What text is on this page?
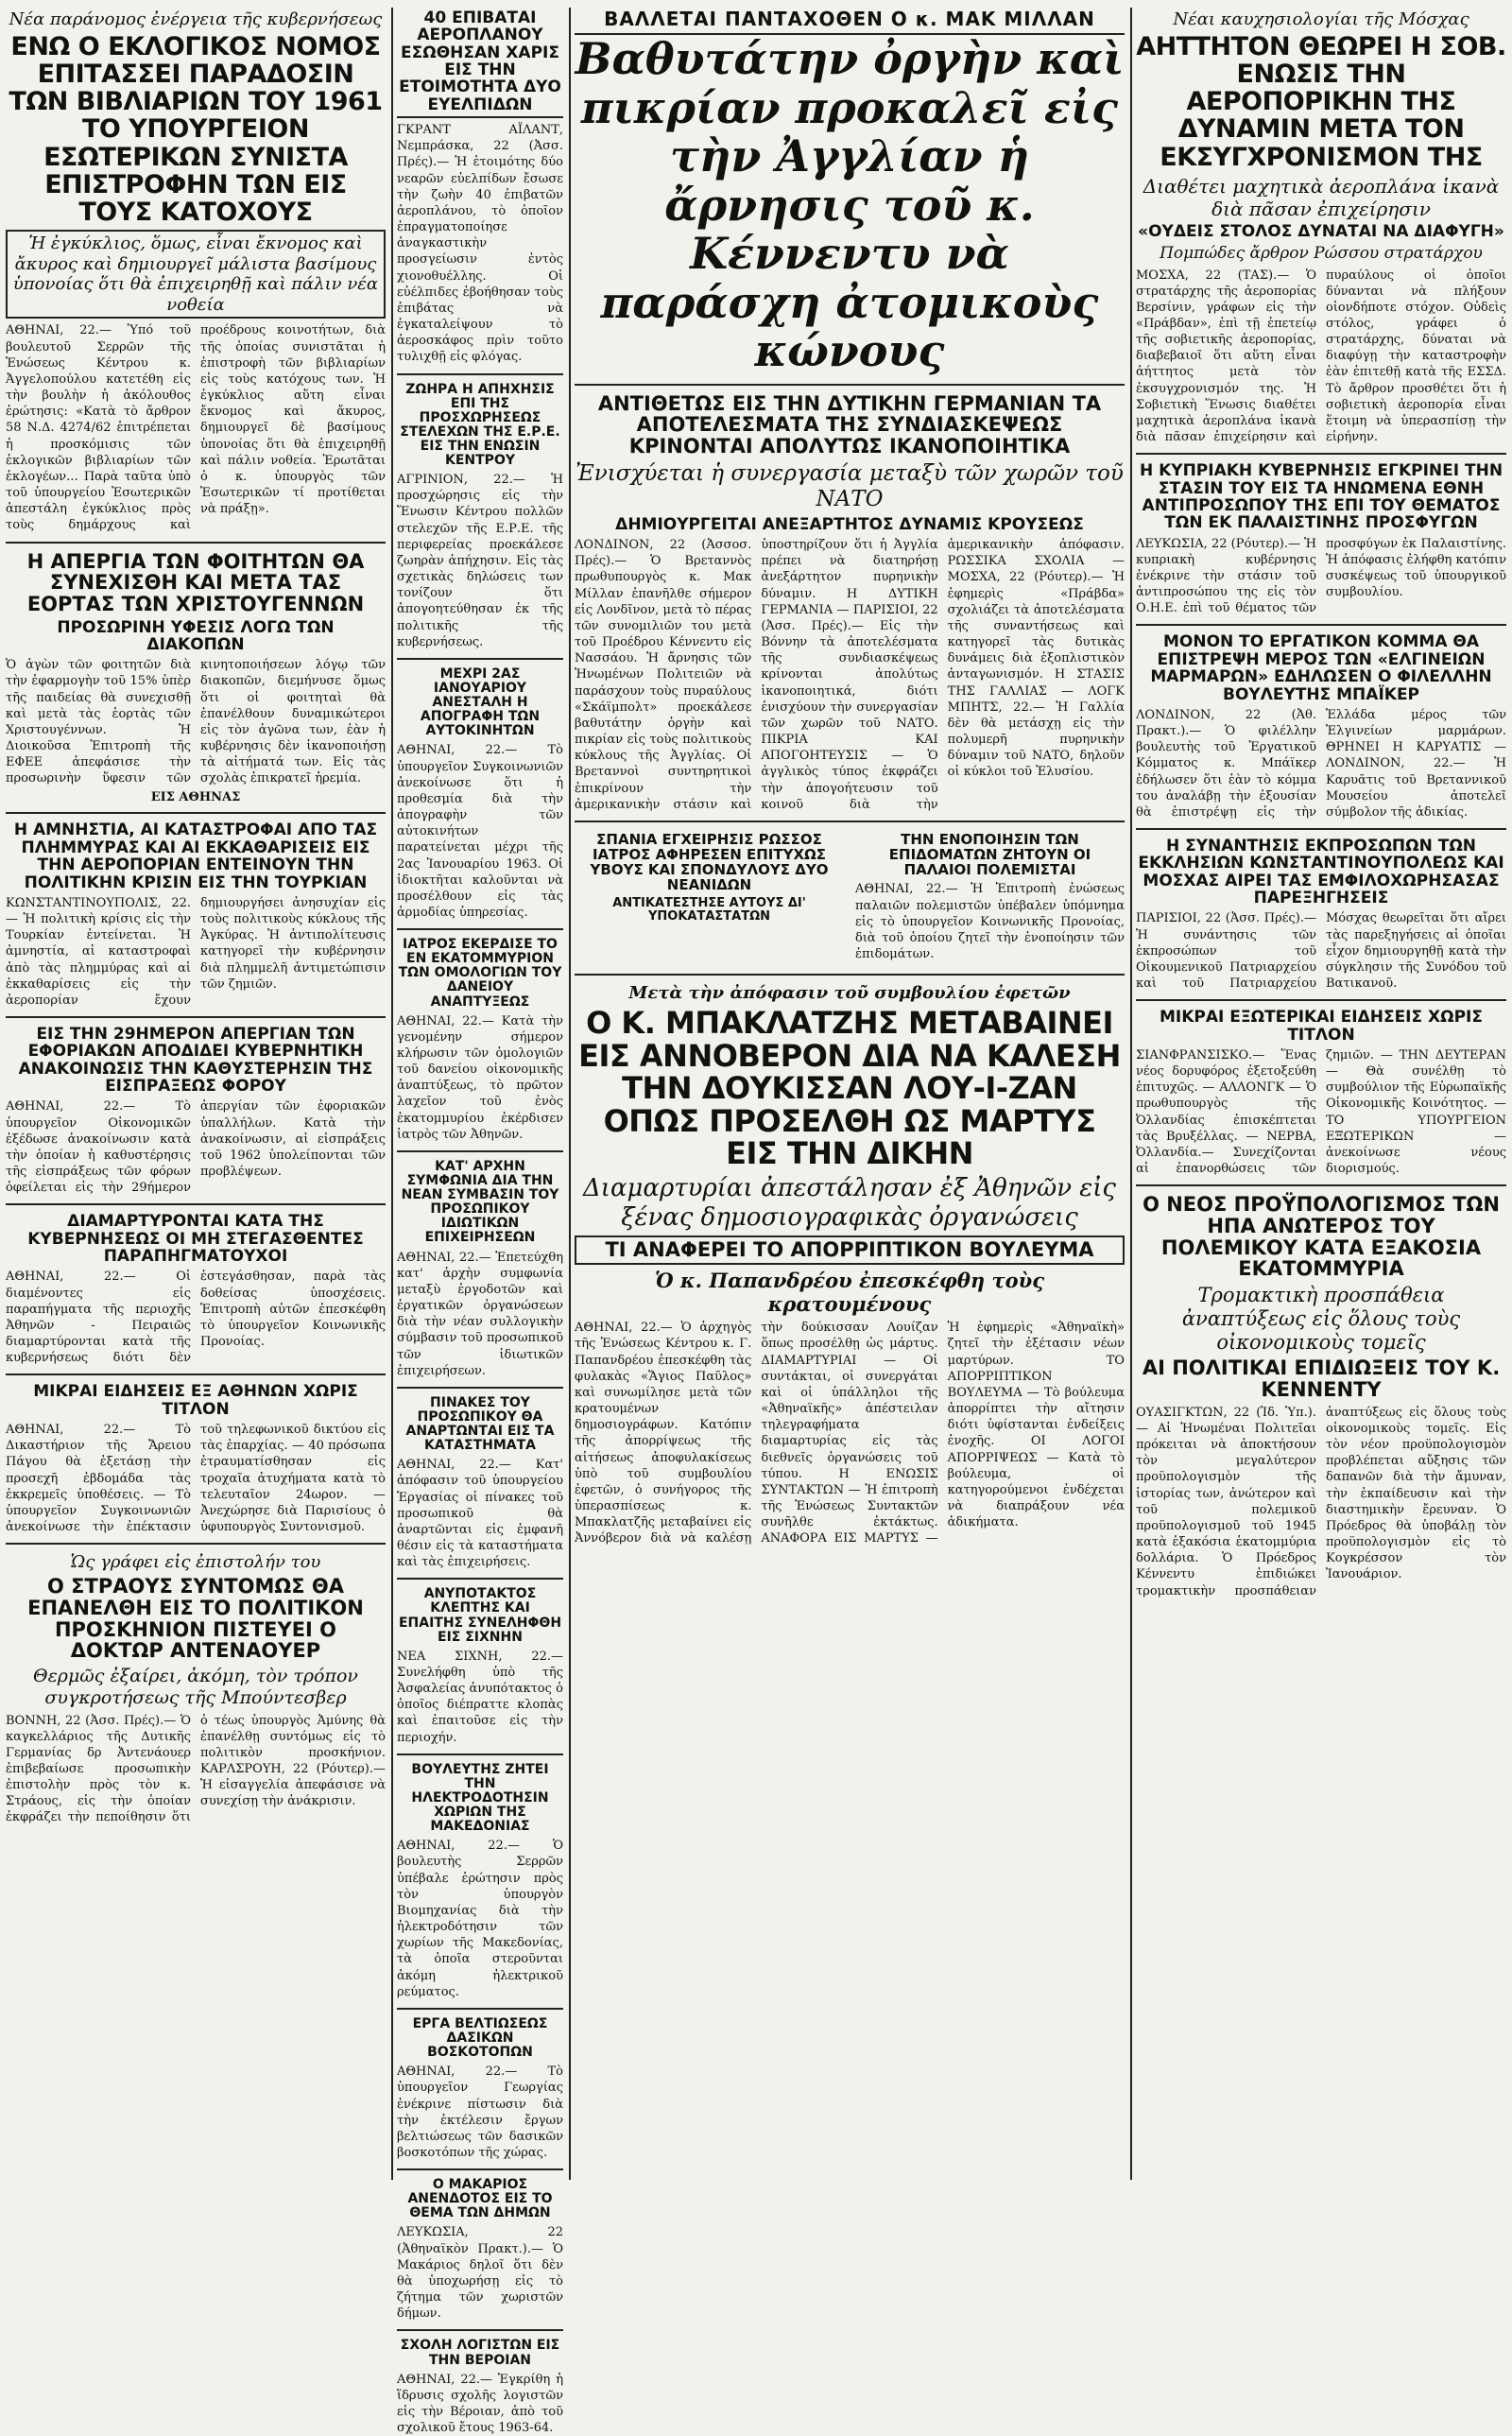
Νέα παράνομος ἐνέργεια τῆς κυβερνήσεως
ΕΝΩ Ο ΕΚΛΟΓΙΚΟΣ ΝΟΜΟΣ ΕΠΙΤΑΣΣΕΙ ΠΑΡΑΔΟΣΙΝ ΤΩΝ ΒΙΒΛΙΑΡΙΩΝ ΤΟΥ 1961 ΤΟ ΥΠΟΥΡΓΕΙΟΝ ΕΣΩΤΕΡΙΚΩΝ ΣΥΝΙΣΤΑ ΕΠΙΣΤΡΟΦΗΝ ΤΩΝ ΕΙΣ ΤΟΥΣ ΚΑΤΟΧΟΥΣ
Ἡ ἐγκύκλιος, ὅμως, εἶναι ἔκνομος καὶ ἄκυρος καὶ δημιουργεῖ μάλιστα βασίμους ὑπονοίας ὅτι θὰ ἐπιχειρηθῇ καὶ πάλιν νέα νοθεία
ΑΘΗΝΑΙ, 22.— Ὑπό τοῦ βουλευτοῦ Σερρῶν τῆς Ἑνώσεως Κέντρου κ. Ἀγγελοπούλου κατετέθη εἰς τὴν βουλὴν ἡ ἀκόλουθος ἐρώτησις: «Κατὰ τὸ ἄρθρον 58 Ν.Δ. 4274/62 ἐπιτρέπεται ἡ προσκόμισις τῶν ἐκλογικῶν βιβλιαρίων τῶν ἐκλογέων... Παρὰ ταῦτα ὑπὸ τοῦ ὑπουργείου Ἐσωτερικῶν ἀπεστάλη ἐγκύκλιος πρὸς τοὺς δημάρχους καὶ προέδρους κοινοτήτων, διὰ τῆς ὁποίας συνιστᾶται ἡ ἐπιστροφὴ τῶν βιβλιαρίων εἰς τοὺς κατόχους των. Ἡ ἐγκύκλιος αὕτη εἶναι ἔκνομος καὶ ἄκυρος, δημιουργεῖ δὲ βασίμους ὑπονοίας ὅτι θὰ ἐπιχειρηθῇ καὶ πάλιν νοθεία. Ἐρωτᾶται ὁ κ. ὑπουργὸς τῶν Ἐσωτερικῶν τί προτίθεται νὰ πράξῃ».
Η ΑΠΕΡΓΙΑ ΤΩΝ ΦΟΙΤΗΤΩΝ ΘΑ ΣΥΝΕΧΙΣΘΗ ΚΑΙ ΜΕΤΑ ΤΑΣ ΕΟΡΤΑΣ ΤΩΝ ΧΡΙΣΤΟΥΓΕΝΝΩΝ
ΠΡΟΣΩΡΙΝΗ ΥΦΕΣΙΣ ΛΟΓΩ ΤΩΝ ΔΙΑΚΟΠΩΝ
Ὁ ἀγὼν τῶν φοιτητῶν διὰ τὴν ἐφαρμογὴν τοῦ 15% ὑπὲρ τῆς παιδείας θὰ συνεχισθῇ καὶ μετὰ τὰς ἑορτὰς τῶν Χριστουγέννων. Ἡ Διοικοῦσα Ἐπιτροπὴ τῆς ΕΦΕΕ ἀπεφάσισε τὴν προσωρινὴν ὕφεσιν τῶν κινητοποιήσεων λόγῳ τῶν διακοπῶν, διεμήνυσε ὅμως ὅτι οἱ φοιτηταὶ θὰ ἐπανέλθουν δυναμικώτεροι εἰς τὸν ἀγῶνα των, ἐὰν ἡ κυβέρνησις δὲν ἱκανοποιήσῃ τὰ αἰτήματά των. Εἰς τὰς σχολὰς ἐπικρατεῖ ἡρεμία.
ΕΙΣ ΑΘΗΝΑΣ
Η ΑΜΝΗΣΤΙΑ, ΑΙ ΚΑΤΑΣΤΡΟΦΑΙ ΑΠΟ ΤΑΣ ΠΛΗΜΜΥΡΑΣ ΚΑΙ ΑΙ ΕΚΚΑΘΑΡΙΣΕΙΣ ΕΙΣ ΤΗΝ ΑΕΡΟΠΟΡΙΑΝ ΕΝΤΕΙΝΟΥΝ ΤΗΝ ΠΟΛΙΤΙΚΗΝ ΚΡΙΣΙΝ ΕΙΣ ΤΗΝ ΤΟΥΡΚΙΑΝ
ΚΩΝΣΤΑΝΤΙΝΟΥΠΟΛΙΣ, 22.— Ἡ πολιτικὴ κρίσις εἰς τὴν Τουρκίαν ἐντείνεται. Ἡ ἀμνηστία, αἱ καταστροφαὶ ἀπὸ τὰς πλημμύρας καὶ αἱ ἐκκαθαρίσεις εἰς τὴν ἀεροπορίαν ἔχουν δημιουργήσει ἀνησυχίαν εἰς τοὺς πολιτικοὺς κύκλους τῆς Ἀγκύρας. Ἡ ἀντιπολίτευσις κατηγορεῖ τὴν κυβέρνησιν διὰ πλημμελῆ ἀντιμετώπισιν τῶν ζημιῶν.
ΕΙΣ ΤΗΝ 29ΗΜΕΡΟΝ ΑΠΕΡΓΙΑΝ ΤΩΝ ΕΦΟΡΙΑΚΩΝ ΑΠΟΔΙΔΕΙ ΚΥΒΕΡΝΗΤΙΚΗ ΑΝΑΚΟΙΝΩΣΙΣ ΤΗΝ ΚΑΘΥΣΤΕΡΗΣΙΝ ΤΗΣ ΕΙΣΠΡΑΞΕΩΣ ΦΟΡΟΥ
ΑΘΗΝΑΙ, 22.— Τὸ ὑπουργεῖον Οἰκονομικῶν ἐξέδωσε ἀνακοίνωσιν κατὰ τὴν ὁποίαν ἡ καθυστέρησις τῆς εἰσπράξεως τῶν φόρων ὀφείλεται εἰς τὴν 29ήμερον ἀπεργίαν τῶν ἐφοριακῶν ὑπαλλήλων. Κατὰ τὴν ἀνακοίνωσιν, αἱ εἰσπράξεις τοῦ 1962 ὑπολείπονται τῶν προβλέψεων.
ΔΙΑΜΑΡΤΥΡΟΝΤΑΙ ΚΑΤΑ ΤΗΣ ΚΥΒΕΡΝΗΣΕΩΣ ΟΙ ΜΗ ΣΤΕΓΑΣΘΕΝΤΕΣ ΠΑΡΑΠΗΓΜΑΤΟΥΧΟΙ
ΑΘΗΝΑΙ, 22.— Οἱ διαμένοντες εἰς παραπήγματα τῆς περιοχῆς Ἀθηνῶν - Πειραιῶς διαμαρτύρονται κατὰ τῆς κυβερνήσεως διότι δὲν ἐστεγάσθησαν, παρὰ τὰς δοθείσας ὑποσχέσεις. Ἐπιτροπὴ αὐτῶν ἐπεσκέφθη τὸ ὑπουργεῖον Κοινωνικῆς Προνοίας.
ΜΙΚΡΑΙ ΕΙΔΗΣΕΙΣ ΕΞ ΑΘΗΝΩΝ ΧΩΡΙΣ ΤΙΤΛΟΝ
ΑΘΗΝΑΙ, 22.— Τὸ Δικαστήριον τῆς Ἄρειου Πάγου θὰ ἐξετάσῃ τὴν προσεχῆ ἑβδομάδα τὰς ἐκκρεμεῖς ὑποθέσεις. — Τὸ ὑπουργεῖον Συγκοινωνιῶν ἀνεκοίνωσε τὴν ἐπέκτασιν τοῦ τηλεφωνικοῦ δικτύου εἰς τὰς ἐπαρχίας. — 40 πρόσωπα ἐτραυματίσθησαν εἰς τροχαῖα ἀτυχήματα κατὰ τὸ τελευταῖον 24ωρον. — Ἀνεχώρησε διὰ Παρισίους ὁ ὑφυπουργὸς Συντονισμοῦ.
Ὡς γράφει εἰς ἐπιστολήν του
Ο ΣΤΡΑΟΥΣ ΣΥΝΤΟΜΩΣ ΘΑ ΕΠΑΝΕΛΘΗ ΕΙΣ ΤΟ ΠΟΛΙΤΙΚΟΝ ΠΡΟΣΚΗΝΙΟΝ ΠΙΣΤΕΥΕΙ Ο ΔΟΚΤΩΡ ΑΝΤΕΝΑΟΥΕΡ
Θερμῶς ἐξαίρει, ἀκόμη, τὸν τρόπον συγκροτήσεως τῆς Μπούντεσβερ
ΒΟΝΝΗ, 22 (Ἀσσ. Πρές).— Ὁ καγκελλάριος τῆς Δυτικῆς Γερμανίας δρ Ἀντενάουερ ἐπιβεβαίωσε προσωπικὴν ἐπιστολὴν πρὸς τὸν κ. Στράους, εἰς τὴν ὁποίαν ἐκφράζει τὴν πεποίθησιν ὅτι ὁ τέως ὑπουργὸς Ἀμύνης θὰ ἐπανέλθῃ συντόμως εἰς τὸ πολιτικὸν προσκήνιον. ΚΑΡΛΣΡΟΥΗ, 22 (Ρόυτερ).— Ἡ εἰσαγγελία ἀπεφάσισε νὰ συνεχίσῃ τὴν ἀνάκρισιν.
40 ΕΠΙΒΑΤΑΙ ΑΕΡΟΠΛΑΝΟΥ ΕΣΩΘΗΣΑΝ ΧΑΡΙΣ ΕΙΣ ΤΗΝ ΕΤΟΙΜΟΤΗΤΑ ΔΥΟ ΕΥΕΛΠΙΔΩΝ
ΓΚΡΑΝΤ ΑΪΛΑΝΤ, Νεμπράσκα, 22 (Ἀσσ. Πρές).— Ἡ ἑτοιμότης δύο νεαρῶν εὐελπίδων ἔσωσε τὴν ζωὴν 40 ἐπιβατῶν ἀεροπλάνου, τὸ ὁποῖον ἐπραγματοποίησε ἀναγκαστικὴν προσγείωσιν ἐντὸς χιονοθυέλλης. Οἱ εὐέλπιδες ἐβοήθησαν τοὺς ἐπιβάτας νὰ ἐγκαταλείψουν τὸ ἀεροσκάφος πρὶν τοῦτο τυλιχθῇ εἰς φλόγας.
ΖΩΗΡΑ Η ΑΠΗΧΗΣΙΣ ΕΠΙ ΤΗΣ ΠΡΟΣΧΩΡΗΣΕΩΣ ΣΤΕΛΕΧΩΝ ΤΗΣ Ε.Ρ.Ε. ΕΙΣ ΤΗΝ ΕΝΩΣΙΝ ΚΕΝΤΡΟΥ
ΑΓΡΙΝΙΟΝ, 22.— Ἡ προσχώρησις εἰς τὴν Ἕνωσιν Κέντρου πολλῶν στελεχῶν τῆς Ε.Ρ.Ε. τῆς περιφερείας προεκάλεσε ζωηρὰν ἀπήχησιν. Εἰς τὰς σχετικὰς δηλώσεις των τονίζουν ὅτι ἀπογοητεύθησαν ἐκ τῆς πολιτικῆς τῆς κυβερνήσεως.
ΜΕΧΡΙ 2ΑΣ ΙΑΝΟΥΑΡΙΟΥ ΑΝΕΣΤΑΛΗ Η ΑΠΟΓΡΑΦΗ ΤΩΝ ΑΥΤΟΚΙΝΗΤΩΝ
ΑΘΗΝΑΙ, 22.— Τὸ ὑπουργεῖον Συγκοινωνιῶν ἀνεκοίνωσε ὅτι ἡ προθεσμία διὰ τὴν ἀπογραφὴν τῶν αὐτοκινήτων παρατείνεται μέχρι τῆς 2ας Ἰανουαρίου 1963. Οἱ ἰδιοκτῆται καλοῦνται νὰ προσέλθουν εἰς τὰς ἁρμοδίας ὑπηρεσίας.
ΙΑΤΡΟΣ ΕΚΕΡΔΙΣΕ ΤΟ ΕΝ ΕΚΑΤΟΜΜΥΡΙΟΝ ΤΩΝ ΟΜΟΛΟΓΙΩΝ ΤΟΥ ΔΑΝΕΙΟΥ ΑΝΑΠΤΥΞΕΩΣ
ΑΘΗΝΑΙ, 22.— Κατὰ τὴν γενομένην σήμερον κλήρωσιν τῶν ὁμολογιῶν τοῦ δανείου οἰκονομικῆς ἀναπτύξεως, τὸ πρῶτον λαχεῖον τοῦ ἑνὸς ἑκατομμυρίου ἐκέρδισεν ἰατρὸς τῶν Ἀθηνῶν.
ΚΑΤ' ΑΡΧΗΝ ΣΥΜΦΩΝΙΑ ΔΙΑ ΤΗΝ ΝΕΑΝ ΣΥΜΒΑΣΙΝ ΤΟΥ ΠΡΟΣΩΠΙΚΟΥ ΙΔΙΩΤΙΚΩΝ ΕΠΙΧΕΙΡΗΣΕΩΝ
ΑΘΗΝΑΙ, 22.— Ἐπετεύχθη κατ' ἀρχὴν συμφωνία μεταξὺ ἐργοδοτῶν καὶ ἐργατικῶν ὀργανώσεων διὰ τὴν νέαν συλλογικὴν σύμβασιν τοῦ προσωπικοῦ τῶν ἰδιωτικῶν ἐπιχειρήσεων.
ΠΙΝΑΚΕΣ ΤΟΥ ΠΡΟΣΩΠΙΚΟΥ ΘΑ ΑΝΑΡΤΩΝΤΑΙ ΕΙΣ ΤΑ ΚΑΤΑΣΤΗΜΑΤΑ
ΑΘΗΝΑΙ, 22.— Κατ' ἀπόφασιν τοῦ ὑπουργείου Ἐργασίας οἱ πίνακες τοῦ προσωπικοῦ θὰ ἀναρτῶνται εἰς ἐμφανῆ θέσιν εἰς τὰ καταστήματα καὶ τὰς ἐπιχειρήσεις.
ΑΝΥΠΟΤΑΚΤΟΣ ΚΛΕΠΤΗΣ ΚΑΙ ΕΠΑΙΤΗΣ ΣΥΝΕΛΗΦΘΗ ΕΙΣ ΣΙΧΝΗΝ
ΝΕΑ ΣΙΧΝΗ, 22.— Συνελήφθη ὑπὸ τῆς Ἀσφαλείας ἀνυπότακτος ὁ ὁποῖος διέπραττε κλοπὰς καὶ ἐπαιτοῦσε εἰς τὴν περιοχήν.
ΒΟΥΛΕΥΤΗΣ ΖΗΤΕΙ ΤΗΝ ΗΛΕΚΤΡΟΔΟΤΗΣΙΝ ΧΩΡΙΩΝ ΤΗΣ ΜΑΚΕΔΟΝΙΑΣ
ΑΘΗΝΑΙ, 22.— Ὁ βουλευτὴς Σερρῶν ὑπέβαλε ἐρώτησιν πρὸς τὸν ὑπουργὸν Βιομηχανίας διὰ τὴν ἡλεκτροδότησιν τῶν χωρίων τῆς Μακεδονίας, τὰ ὁποῖα στεροῦνται ἀκόμη ἠλεκτρικοῦ ρεύματος.
ΕΡΓΑ ΒΕΛΤΙΩΣΕΩΣ ΔΑΣΙΚΩΝ ΒΟΣΚΟΤΟΠΩΝ
ΑΘΗΝΑΙ, 22.— Τὸ ὑπουργεῖον Γεωργίας ἐνέκρινε πίστωσιν διὰ τὴν ἐκτέλεσιν ἔργων βελτιώσεως τῶν δασικῶν βοσκοτόπων τῆς χώρας.
Ο ΜΑΚΑΡΙΟΣ ΑΝΕΝΔΟΤΟΣ ΕΙΣ ΤΟ ΘΕΜΑ ΤΩΝ ΔΗΜΩΝ
ΛΕΥΚΩΣΙΑ, 22 (Ἀθηναϊκὸν Πρακτ.).— Ὁ Μακάριος δηλοῖ ὅτι δὲν θὰ ὑποχωρήσῃ εἰς τὸ ζήτημα τῶν χωριστῶν δήμων.
ΣΧΟΛΗ ΛΟΓΙΣΤΩΝ ΕΙΣ ΤΗΝ ΒΕΡΟΙΑΝ
ΑΘΗΝΑΙ, 22.— Ἐγκρίθη ἡ ἵδρυσις σχολῆς λογιστῶν εἰς τὴν Βέροιαν, ἀπὸ τοῦ σχολικοῦ ἔτους 1963-64.
ΒΑΛΛΕΤΑΙ ΠΑΝΤΑΧΟΘΕΝ Ο κ. ΜΑΚ ΜΙΛΛΑΝ
Βαθυτάτην ὀργὴν καὶ πικρίαν προκαλεῖ εἰς τὴν Ἀγγλίαν ἡ ἄρνησις τοῦ κ. Κέννεντυ νὰ παράσχη ἀτομικοὺς κώνους
ΑΝΤΙΘΕΤΩΣ ΕΙΣ ΤΗΝ ΔΥΤΙΚΗΝ ΓΕΡΜΑΝΙΑΝ ΤΑ ΑΠΟΤΕΛΕΣΜΑΤΑ ΤΗΣ ΣΥΝΔΙΑΣΚΕΨΕΩΣ ΚΡΙΝΟΝΤΑΙ ΑΠΟΛΥΤΩΣ ΙΚΑΝΟΠΟΙΗΤΙΚΑ
Ἐνισχύεται ἡ συνεργασία μεταξὺ τῶν χωρῶν τοῦ ΝΑΤΟ
ΔΗΜΙΟΥΡΓΕΙΤΑΙ ΑΝΕΞΑΡΤΗΤΟΣ ΔΥΝΑΜΙΣ ΚΡΟΥΣΕΩΣ
ΛΟΝΔΙΝΟΝ, 22 (Ἀσσοσ. Πρές).— Ὁ Βρεταννὸς πρωθυπουργὸς κ. Μακ Μίλλαν ἐπανῆλθε σήμερον εἰς Λονδῖνον, μετὰ τὸ πέρας τῶν συνομιλιῶν του μετὰ τοῦ Προέδρου Κέννεντυ εἰς Νασσάου. Ἡ ἄρνησις τῶν Ἡνωμένων Πολιτειῶν νὰ παράσχουν τοὺς πυραύλους «Σκάϊμπολτ» προεκάλεσε βαθυτάτην ὀργὴν καὶ πικρίαν εἰς τοὺς πολιτικοὺς κύκλους τῆς Ἀγγλίας. Οἱ Βρεταννοὶ συντηρητικοὶ ἐπικρίνουν τὴν ἀμερικανικὴν στάσιν καὶ ὑποστηρίζουν ὅτι ἡ Ἀγγλία πρέπει νὰ διατηρήσῃ ἀνεξάρτητον πυρηνικὴν δύναμιν. Η ΔΥΤΙΚΗ ΓΕΡΜΑΝΙΑ — ΠΑΡΙΣΙΟΙ, 22 (Ἀσσ. Πρές).— Εἰς τὴν Βόννην τὰ ἀποτελέσματα τῆς συνδιασκέψεως κρίνονται ἀπολύτως ἱκανοποιητικά, διότι ἐνισχύουν τὴν συνεργασίαν τῶν χωρῶν τοῦ ΝΑΤΟ. ΠΙΚΡΙΑ ΚΑΙ ΑΠΟΓΟΗΤΕΥΣΙΣ — Ὁ ἀγγλικὸς τύπος ἐκφράζει τὴν ἀπογοήτευσιν τοῦ κοινοῦ διὰ τὴν ἀμερικανικὴν ἀπόφασιν. ΡΩΣΣΙΚΑ ΣΧΟΛΙΑ — ΜΟΣΧΑ, 22 (Ρόυτερ).— Ἡ ἐφημερὶς «Πράβδα» σχολιάζει τὰ ἀποτελέσματα τῆς συναντήσεως καὶ κατηγορεῖ τὰς δυτικὰς δυνάμεις διὰ ἐξοπλιστικὸν ἀνταγωνισμόν. Η ΣΤΑΣΙΣ ΤΗΣ ΓΑΛΛΙΑΣ — ΛΟΓΚ ΜΠΗΤΣ, 22.— Ἡ Γαλλία δὲν θὰ μετάσχῃ εἰς τὴν πολυμερῆ πυρηνικὴν δύναμιν τοῦ ΝΑΤΟ, δηλοῦν οἱ κύκλοι τοῦ Ἐλυσίου.
ΣΠΑΝΙΑ ΕΓΧΕΙΡΗΣΙΣ ΡΩΣΣΟΣ ΙΑΤΡΟΣ ΑΦΗΡΕΣΕΝ ΕΠΙΤΥΧΩΣ ΥΒΟΥΣ ΚΑΙ ΣΠΟΝΔΥΛΟΥΣ ΔΥΟ ΝΕΑΝΙΔΩΝ
ΑΝΤΙΚΑΤΕΣΤΗΣΕ ΑΥΤΟΥΣ ΔΙ' ΥΠΟΚΑΤΑΣΤΑΤΩΝ
ΤΗΝ ΕΝΟΠΟΙΗΣΙΝ ΤΩΝ ΕΠΙΔΟΜΑΤΩΝ ΖΗΤΟΥΝ ΟΙ ΠΑΛΑΙΟΙ ΠΟΛΕΜΙΣΤΑΙ
ΑΘΗΝΑΙ, 22.— Ἡ Ἐπιτροπὴ ἐνώσεως παλαιῶν πολεμιστῶν ὑπέβαλεν ὑπόμνημα εἰς τὸ ὑπουργεῖον Κοινωνικῆς Προνοίας, διὰ τοῦ ὁποίου ζητεῖ τὴν ἑνοποίησιν τῶν ἐπιδομάτων.
Μετὰ τὴν ἀπόφασιν τοῦ συμβουλίου ἐφετῶν
Ο Κ. ΜΠΑΚΛΑΤΖΗΣ ΜΕΤΑΒΑΙΝΕΙ ΕΙΣ ΑΝΝΟΒΕΡΟΝ ΔΙΑ ΝΑ ΚΑΛΕΣΗ ΤΗΝ ΔΟΥΚΙΣΣΑΝ ΛΟΥ-Ι-ΖΑΝ ΟΠΩΣ ΠΡΟΣΕΛΘΗ ΩΣ ΜΑΡΤΥΣ ΕΙΣ ΤΗΝ ΔΙΚΗΝ
Διαμαρτυρίαι ἀπεστάλησαν ἐξ Ἀθηνῶν εἰς ξένας δημοσιογραφικὰς ὀργανώσεις
ΤΙ ΑΝΑΦΕΡΕΙ ΤΟ ΑΠΟΡΡΙΠΤΙΚΟΝ ΒΟΥΛΕΥΜΑ
Ὁ κ. Παπανδρέου ἐπεσκέφθη τοὺς κρατουμένους
ΑΘΗΝΑΙ, 22.— Ὁ ἀρχηγὸς τῆς Ἑνώσεως Κέντρου κ. Γ. Παπανδρέου ἐπεσκέφθη τὰς φυλακὰς «Ἅγιος Παῦλος» καὶ συνωμίλησε μετὰ τῶν κρατουμένων δημοσιογράφων. Κατόπιν τῆς ἀπορρίψεως τῆς αἰτήσεως ἀποφυλακίσεως ὑπὸ τοῦ συμβουλίου ἐφετῶν, ὁ συνήγορος τῆς ὑπερασπίσεως κ. Μπακλατζῆς μεταβαίνει εἰς Ἀννόβερον διὰ νὰ καλέσῃ τὴν δούκισσαν Λουίζαν ὅπως προσέλθῃ ὡς μάρτυς. ΔΙΑΜΑΡΤΥΡΙΑΙ — Οἱ συντάκται, οἱ συνεργάται καὶ οἱ ὑπάλληλοι τῆς «Ἀθηναϊκῆς» ἀπέστειλαν τηλεγραφήματα διαμαρτυρίας εἰς τὰς διεθνεῖς ὀργανώσεις τοῦ τύπου. Η ΕΝΩΣΙΣ ΣΥΝΤΑΚΤΩΝ — Ἡ ἐπιτροπὴ τῆς Ἑνώσεως Συντακτῶν συνῆλθε ἐκτάκτως. ΑΝΑΦΟΡΑ ΕΙΣ ΜΑΡΤΥΣ — Ἡ ἐφημερὶς «Ἀθηναϊκὴ» ζητεῖ τὴν ἐξέτασιν νέων μαρτύρων. ΤΟ ΑΠΟΡΡΙΠΤΙΚΟΝ ΒΟΥΛΕΥΜΑ — Τὸ βούλευμα ἀπορρίπτει τὴν αἴτησιν διότι ὑφίστανται ἐνδείξεις ἐνοχῆς. ΟΙ ΛΟΓΟΙ ΑΠΟΡΡΙΨΕΩΣ — Κατὰ τὸ βούλευμα, οἱ κατηγορούμενοι ἐνδέχεται νὰ διαπράξουν νέα ἀδικήματα.
Νέαι καυχησιολογίαι τῆς Μόσχας
ΑΗΤΤΗΤΟΝ ΘΕΩΡΕΙ Η ΣΟΒ. ΕΝΩΣΙΣ ΤΗΝ ΑΕΡΟΠΟΡΙΚΗΝ ΤΗΣ ΔΥΝΑΜΙΝ ΜΕΤΑ ΤΟΝ ΕΚΣΥΓΧΡΟΝΙΣΜΟΝ ΤΗΣ
Διαθέτει μαχητικὰ ἀεροπλάνα ἱκανὰ διὰ πᾶσαν ἐπιχείρησιν
«ΟΥΔΕΙΣ ΣΤΟΛΟΣ ΔΥΝΑΤΑΙ ΝΑ ΔΙΑΦΥΓΗ»
Πομπώδες ἄρθρον Ρώσσου στρατάρχου
ΜΟΣΧΑ, 22 (ΤΑΣ).— Ὁ στρατάρχης τῆς ἀεροπορίας Βερσίνιν, γράφων εἰς τὴν «Πράβδαν», ἐπὶ τῇ ἐπετείῳ τῆς σοβιετικῆς ἀεροπορίας, διαβεβαιοῖ ὅτι αὕτη εἶναι ἀήττητος μετὰ τὸν ἐκσυγχρονισμόν της. Ἡ Σοβιετικὴ Ἕνωσις διαθέτει μαχητικὰ ἀεροπλάνα ἱκανὰ διὰ πᾶσαν ἐπιχείρησιν καὶ πυραύλους οἱ ὁποῖοι δύνανται νὰ πλήξουν οἱονδήποτε στόχον. Οὐδεὶς στόλος, γράφει ὁ στρατάρχης, δύναται νὰ διαφύγῃ τὴν καταστροφὴν ἐὰν ἐπιτεθῇ κατὰ τῆς ΕΣΣΔ. Τὸ ἄρθρον προσθέτει ὅτι ἡ σοβιετικὴ ἀεροπορία εἶναι ἕτοιμη νὰ ὑπερασπίσῃ τὴν εἰρήνην.
Η ΚΥΠΡΙΑΚΗ ΚΥΒΕΡΝΗΣΙΣ ΕΓΚΡΙΝΕΙ ΤΗΝ ΣΤΑΣΙΝ ΤΟΥ ΕΙΣ ΤΑ ΗΝΩΜΕΝΑ ΕΘΝΗ ΑΝΤΙΠΡΟΣΩΠΟΥ ΤΗΣ ΕΠΙ ΤΟΥ ΘΕΜΑΤΟΣ ΤΩΝ ΕΚ ΠΑΛΑΙΣΤΙΝΗΣ ΠΡΟΣΦΥΓΩΝ
ΛΕΥΚΩΣΙΑ, 22 (Ρόυτερ).— Ἡ κυπριακὴ κυβέρνησις ἐνέκρινε τὴν στάσιν τοῦ ἀντιπροσώπου της εἰς τὸν Ο.Η.Ε. ἐπὶ τοῦ θέματος τῶν προσφύγων ἐκ Παλαιστίνης. Ἡ ἀπόφασις ἐλήφθη κατόπιν συσκέψεως τοῦ ὑπουργικοῦ συμβουλίου.
ΜΟΝΟΝ ΤΟ ΕΡΓΑΤΙΚΟΝ ΚΟΜΜΑ ΘΑ ΕΠΙΣΤΡΕΨΗ ΜΕΡΟΣ ΤΩΝ «ΕΛΓΙΝΕΙΩΝ ΜΑΡΜΑΡΩΝ» ΕΔΗΛΩΣΕΝ Ο ΦΙΛΕΛΛΗΝ ΒΟΥΛΕΥΤΗΣ ΜΠΑΪΚΕΡ
ΛΟΝΔΙΝΟΝ, 22 (Ἀθ. Πρακτ.).— Ὁ φιλέλλην βουλευτὴς τοῦ Ἐργατικοῦ Κόμματος κ. Μπάϊκερ ἐδήλωσεν ὅτι ἐὰν τὸ κόμμα του ἀναλάβῃ τὴν ἐξουσίαν θὰ ἐπιστρέψῃ εἰς τὴν Ἑλλάδα μέρος τῶν Ἐλγινείων μαρμάρων. ΘΡΗΝΕΙ Η ΚΑΡΥΑΤΙΣ — ΛΟΝΔΙΝΟΝ, 22.— Ἡ Καρυᾶτις τοῦ Βρεταννικοῦ Μουσείου ἀποτελεῖ σύμβολον τῆς ἀδικίας.
Η ΣΥΝΑΝΤΗΣΙΣ ΕΚΠΡΟΣΩΠΩΝ ΤΩΝ ΕΚΚΛΗΣΙΩΝ ΚΩΝΣΤΑΝΤΙΝΟΥΠΟΛΕΩΣ ΚΑΙ ΜΟΣΧΑΣ ΑΙΡΕΙ ΤΑΣ ΕΜΦΙΛΟΧΩΡΗΣΑΣΑΣ ΠΑΡΕΞΗΓΗΣΕΙΣ
ΠΑΡΙΣΙΟΙ, 22 (Ἀσσ. Πρές).— Ἡ συνάντησις τῶν ἐκπροσώπων τοῦ Οἰκουμενικοῦ Πατριαρχείου καὶ τοῦ Πατριαρχείου Μόσχας θεωρεῖται ὅτι αἴρει τὰς παρεξηγήσεις αἱ ὁποῖαι εἶχον δημιουργηθῇ κατὰ τὴν σύγκλησιν τῆς Συνόδου τοῦ Βατικανοῦ.
ΜΙΚΡΑΙ ΕΞΩΤΕΡΙΚΑΙ ΕΙΔΗΣΕΙΣ ΧΩΡΙΣ ΤΙΤΛΟΝ
ΣΙΑΝΦΡΑΝΣΙΣΚΟ.— Ἕνας νέος δορυφόρος ἐξετοξεύθη ἐπιτυχῶς. — ΑΛΛΟΝΓΚ — Ὁ πρωθυπουργὸς τῆς Ὀλλανδίας ἐπισκέπτεται τὰς Βρυξέλλας. — ΝΕΡΒΑ, Ὀλλανδία.— Συνεχίζονται αἱ ἐπανορθώσεις τῶν ζημιῶν. — ΤΗΝ ΔΕΥΤΕΡΑΝ — Θὰ συνέλθῃ τὸ συμβούλιον τῆς Εὐρωπαϊκῆς Οἰκονομικῆς Κοινότητος. — ΤΟ ΥΠΟΥΡΓΕΙΟΝ ΕΞΩΤΕΡΙΚΩΝ — ἀνεκοίνωσε νέους διορισμούς.
Ο ΝΕΟΣ ΠΡΟΫΠΟΛΟΓΙΣΜΟΣ ΤΩΝ ΗΠΑ ΑΝΩΤΕΡΟΣ ΤΟΥ ΠΟΛΕΜΙΚΟΥ ΚΑΤΑ ΕΞΑΚΟΣΙΑ ΕΚΑΤΟΜΜΥΡΙΑ
Τρομακτικὴ προσπάθεια ἀναπτύξεως εἰς ὅλους τοὺς οἰκονομικοὺς τομεῖς
ΑΙ ΠΟΛΙΤΙΚΑΙ ΕΠΙΔΙΩΞΕΙΣ ΤΟΥ Κ. ΚΕΝΝΕΝΤΥ
ΟΥΑΣΙΓΚΤΩΝ, 22 (Ἰδ. Ὑπ.).— Αἱ Ἡνωμέναι Πολιτεῖαι πρόκειται νὰ ἀποκτήσουν τὸν μεγαλύτερον προϋπολογισμὸν τῆς ἱστορίας των, ἀνώτερον καὶ τοῦ πολεμικοῦ προϋπολογισμοῦ τοῦ 1945 κατὰ ἑξακόσια ἑκατομμύρια δολλάρια. Ὁ Πρόεδρος Κέννεντυ ἐπιδιώκει τρομακτικὴν προσπάθειαν ἀναπτύξεως εἰς ὅλους τοὺς οἰκονομικοὺς τομεῖς. Εἰς τὸν νέον προϋπολογισμὸν προβλέπεται αὔξησις τῶν δαπανῶν διὰ τὴν ἄμυναν, τὴν ἐκπαίδευσιν καὶ τὴν διαστημικὴν ἔρευναν. Ὁ Πρόεδρος θὰ ὑποβάλῃ τὸν προϋπολογισμὸν εἰς τὸ Κογκρέσσον τὸν Ἰανουάριον.
